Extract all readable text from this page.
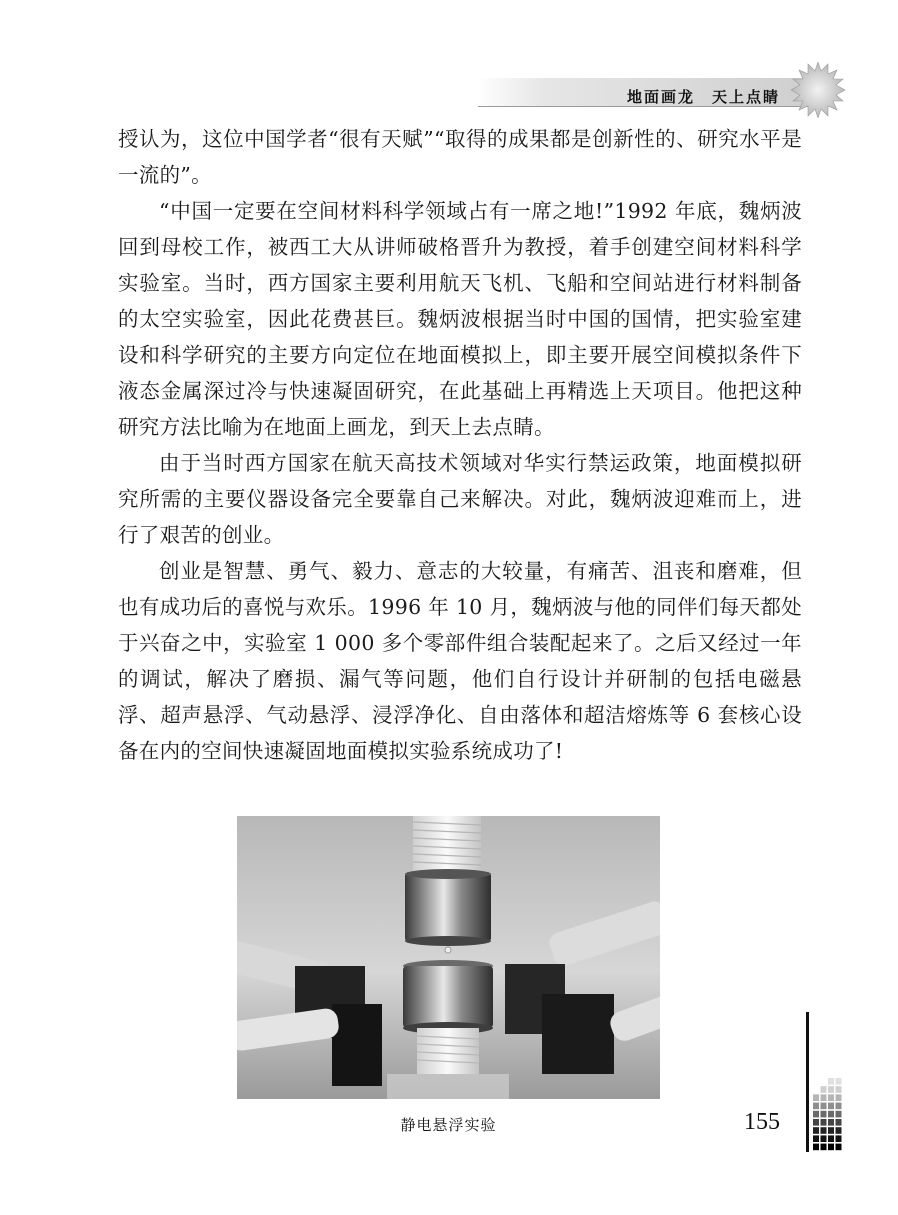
地面画龙　天上点睛

授认为，这位中国学者“很有天赋”“取得的成果都是创新性的、研究水平是一流的”。

“中国一定要在空间材料科学领域占有一席之地!”1992 年底，魏炳波回到母校工作，被西工大从讲师破格晋升为教授，着手创建空间材料科学实验室。当时，西方国家主要利用航天飞机、飞船和空间站进行材料制备的太空实验室，因此花费甚巨。魏炳波根据当时中国的国情，把实验室建设和科学研究的主要方向定位在地面模拟上，即主要开展空间模拟条件下液态金属深过冷与快速凝固研究，在此基础上再精选上天项目。他把这种研究方法比喻为在地面上画龙，到天上去点睛。

由于当时西方国家在航天高技术领域对华实行禁运政策，地面模拟研究所需的主要仪器设备完全要靠自己来解决。对此，魏炳波迎难而上，进行了艰苦的创业。

创业是智慧、勇气、毅力、意志的大较量，有痛苦、沮丧和磨难，但也有成功后的喜悦与欢乐。1996 年 10 月，魏炳波与他的同伴们每天都处于兴奋之中，实验室 1 000 多个零部件组合装配起来了。之后又经过一年的调试，解决了磨损、漏气等问题，他们自行设计并研制的包括电磁悬浮、超声悬浮、气动悬浮、浸浮净化、自由落体和超洁熔炼等 6 套核心设备在内的空间快速凝固地面模拟实验系统成功了!

静电悬浮实验	155
